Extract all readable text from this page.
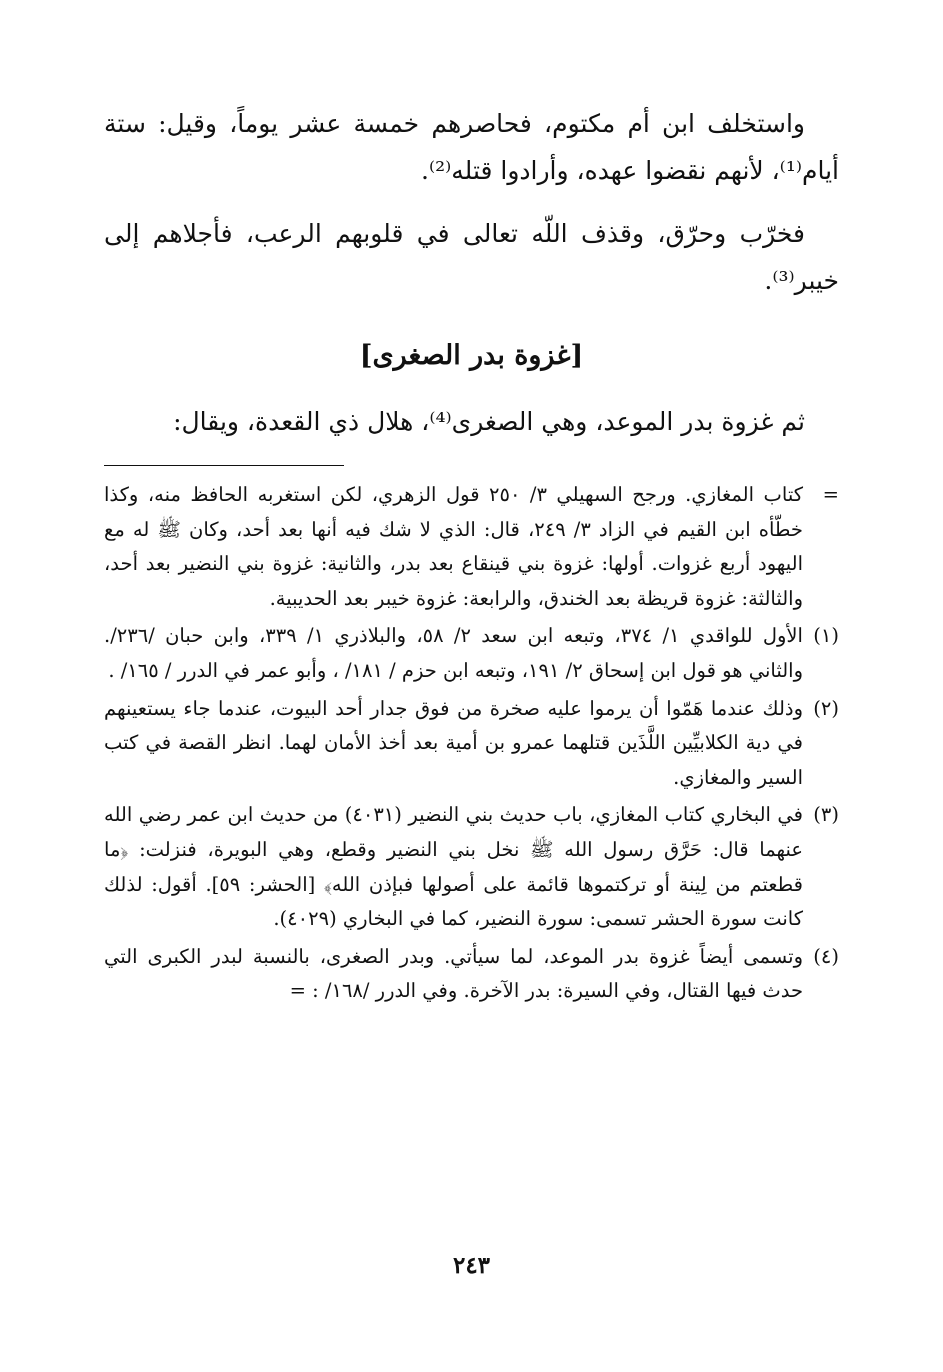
واستخلف ابن أم مكتوم، فحاصرهم خمسة عشر يوماً، وقيل: ستة أيام⁽¹⁾، لأنهم نقضوا عهده، وأرادوا قتله⁽²⁾.

فخرّب وحرّق، وقذف اللّه تعالى في قلوبهم الرعب، فأجلاهم إلى خيبر⁽³⁾.

[غزوة بدر الصغرى]

ثم غزوة بدر الموعد، وهي الصغرى⁽⁴⁾، هلال ذي القعدة، ويقال:

=
كتاب المغازي. ورجح السهيلي ٣/ ٢٥٠ قول الزهري، لكن استغربه الحافظ منه، وكذا خطّأه ابن القيم في الزاد ٣/ ٢٤٩، قال: الذي لا شك فيه أنها بعد أحد، وكان ﷺ له مع اليهود أربع غزوات. أولها: غزوة بني قينقاع بعد بدر، والثانية: غزوة بني النضير بعد أحد، والثالثة: غزوة قريظة بعد الخندق، والرابعة: غزوة خيبر بعد الحديبية.
(١)
الأول للواقدي ١/ ٣٧٤، وتبعه ابن سعد ٢/ ٥٨، والبلاذري ١/ ٣٣٩، وابن حبان /٢٣٦/. والثاني هو قول ابن إسحاق ٢/ ١٩١، وتبعه ابن حزم / ١٨١/ ، وأبو عمر في الدرر / ١٦٥/ .
(٢)
وذلك عندما هَمّوا أن يرموا عليه صخرة من فوق جدار أحد البيوت، عندما جاء يستعينهم في دية الكلابيِّين اللَّذَين قتلهما عمرو بن أمية بعد أخذ الأمان لهما. انظر القصة في كتب السير والمغازي.
(٣)
في البخاري كتاب المغازي، باب حديث بني النضير (٤٠٣١) من حديث ابن عمر رضي الله عنهما قال: حَرَّق رسول الله ﷺ نخل بني النضير وقطع، وهي البويرة، فنزلت: ﴿ما قطعتم من لِينة أو تركتموها قائمة على أصولها فبإذن الله﴾ [الحشر: ٥٩]. أقول: لذلك كانت سورة الحشر تسمى: سورة النضير، كما في البخاري (٤٠٢٩).
(٤)
وتسمى أيضاً غزوة بدر الموعد، لما سيأتي. وبدر الصغرى، بالنسبة لبدر الكبرى التي حدث فيها القتال، وفي السيرة: بدر الآخرة. وفي الدرر /١٦٨/ : =
٢٤٣
